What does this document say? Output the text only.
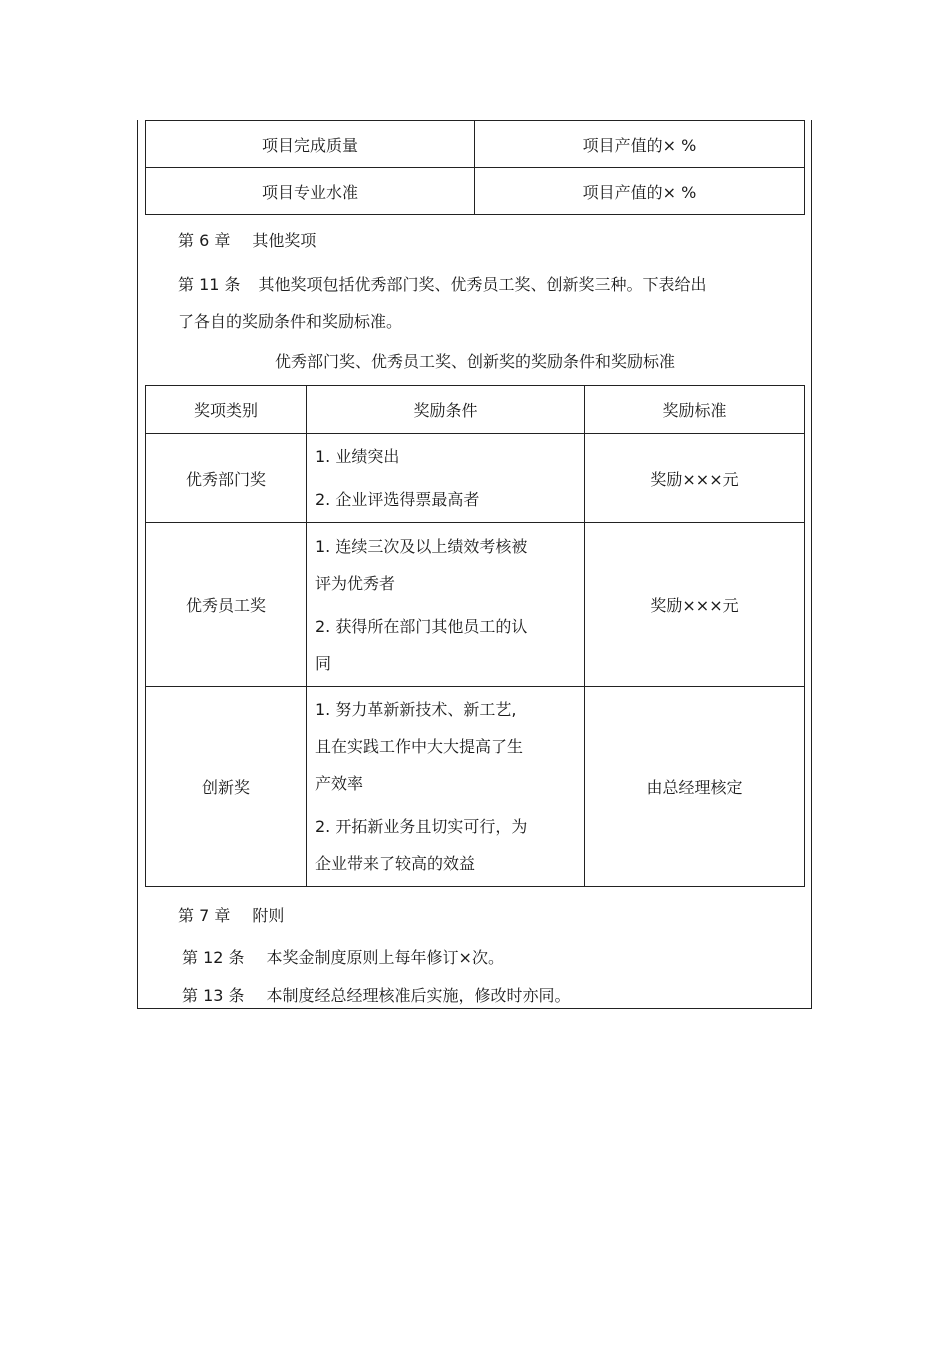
项目完成质量	项目产值的× %
项目专业水准	项目产值的× %
第 6 章 其他奖项
第 11 条 其他奖项包括优秀部门奖、优秀员工奖、创新奖三种。下表给出
了各自的奖励条件和奖励标准。
优秀部门奖、优秀员工奖、创新奖的奖励条件和奖励标准
奖项类别	奖励条件	奖励标准
优秀部门奖	1. 业绩突出

2. 企业评选得票最高者	奖励×××元
优秀员工奖	1. 连续三次及以上绩效考核被

评为优秀者

2. 获得所在部门其他员工的认

同	奖励×××元
创新奖	1. 努力革新新技术、新工艺,

且在实践工作中大大提高了生

产效率

2. 开拓新业务且切实可行，为

企业带来了较高的效益	由总经理核定
第 7 章 附则
第 12 条 本奖金制度原则上每年修订×次。
第 13 条 本制度经总经理核准后实施，修改时亦同。
